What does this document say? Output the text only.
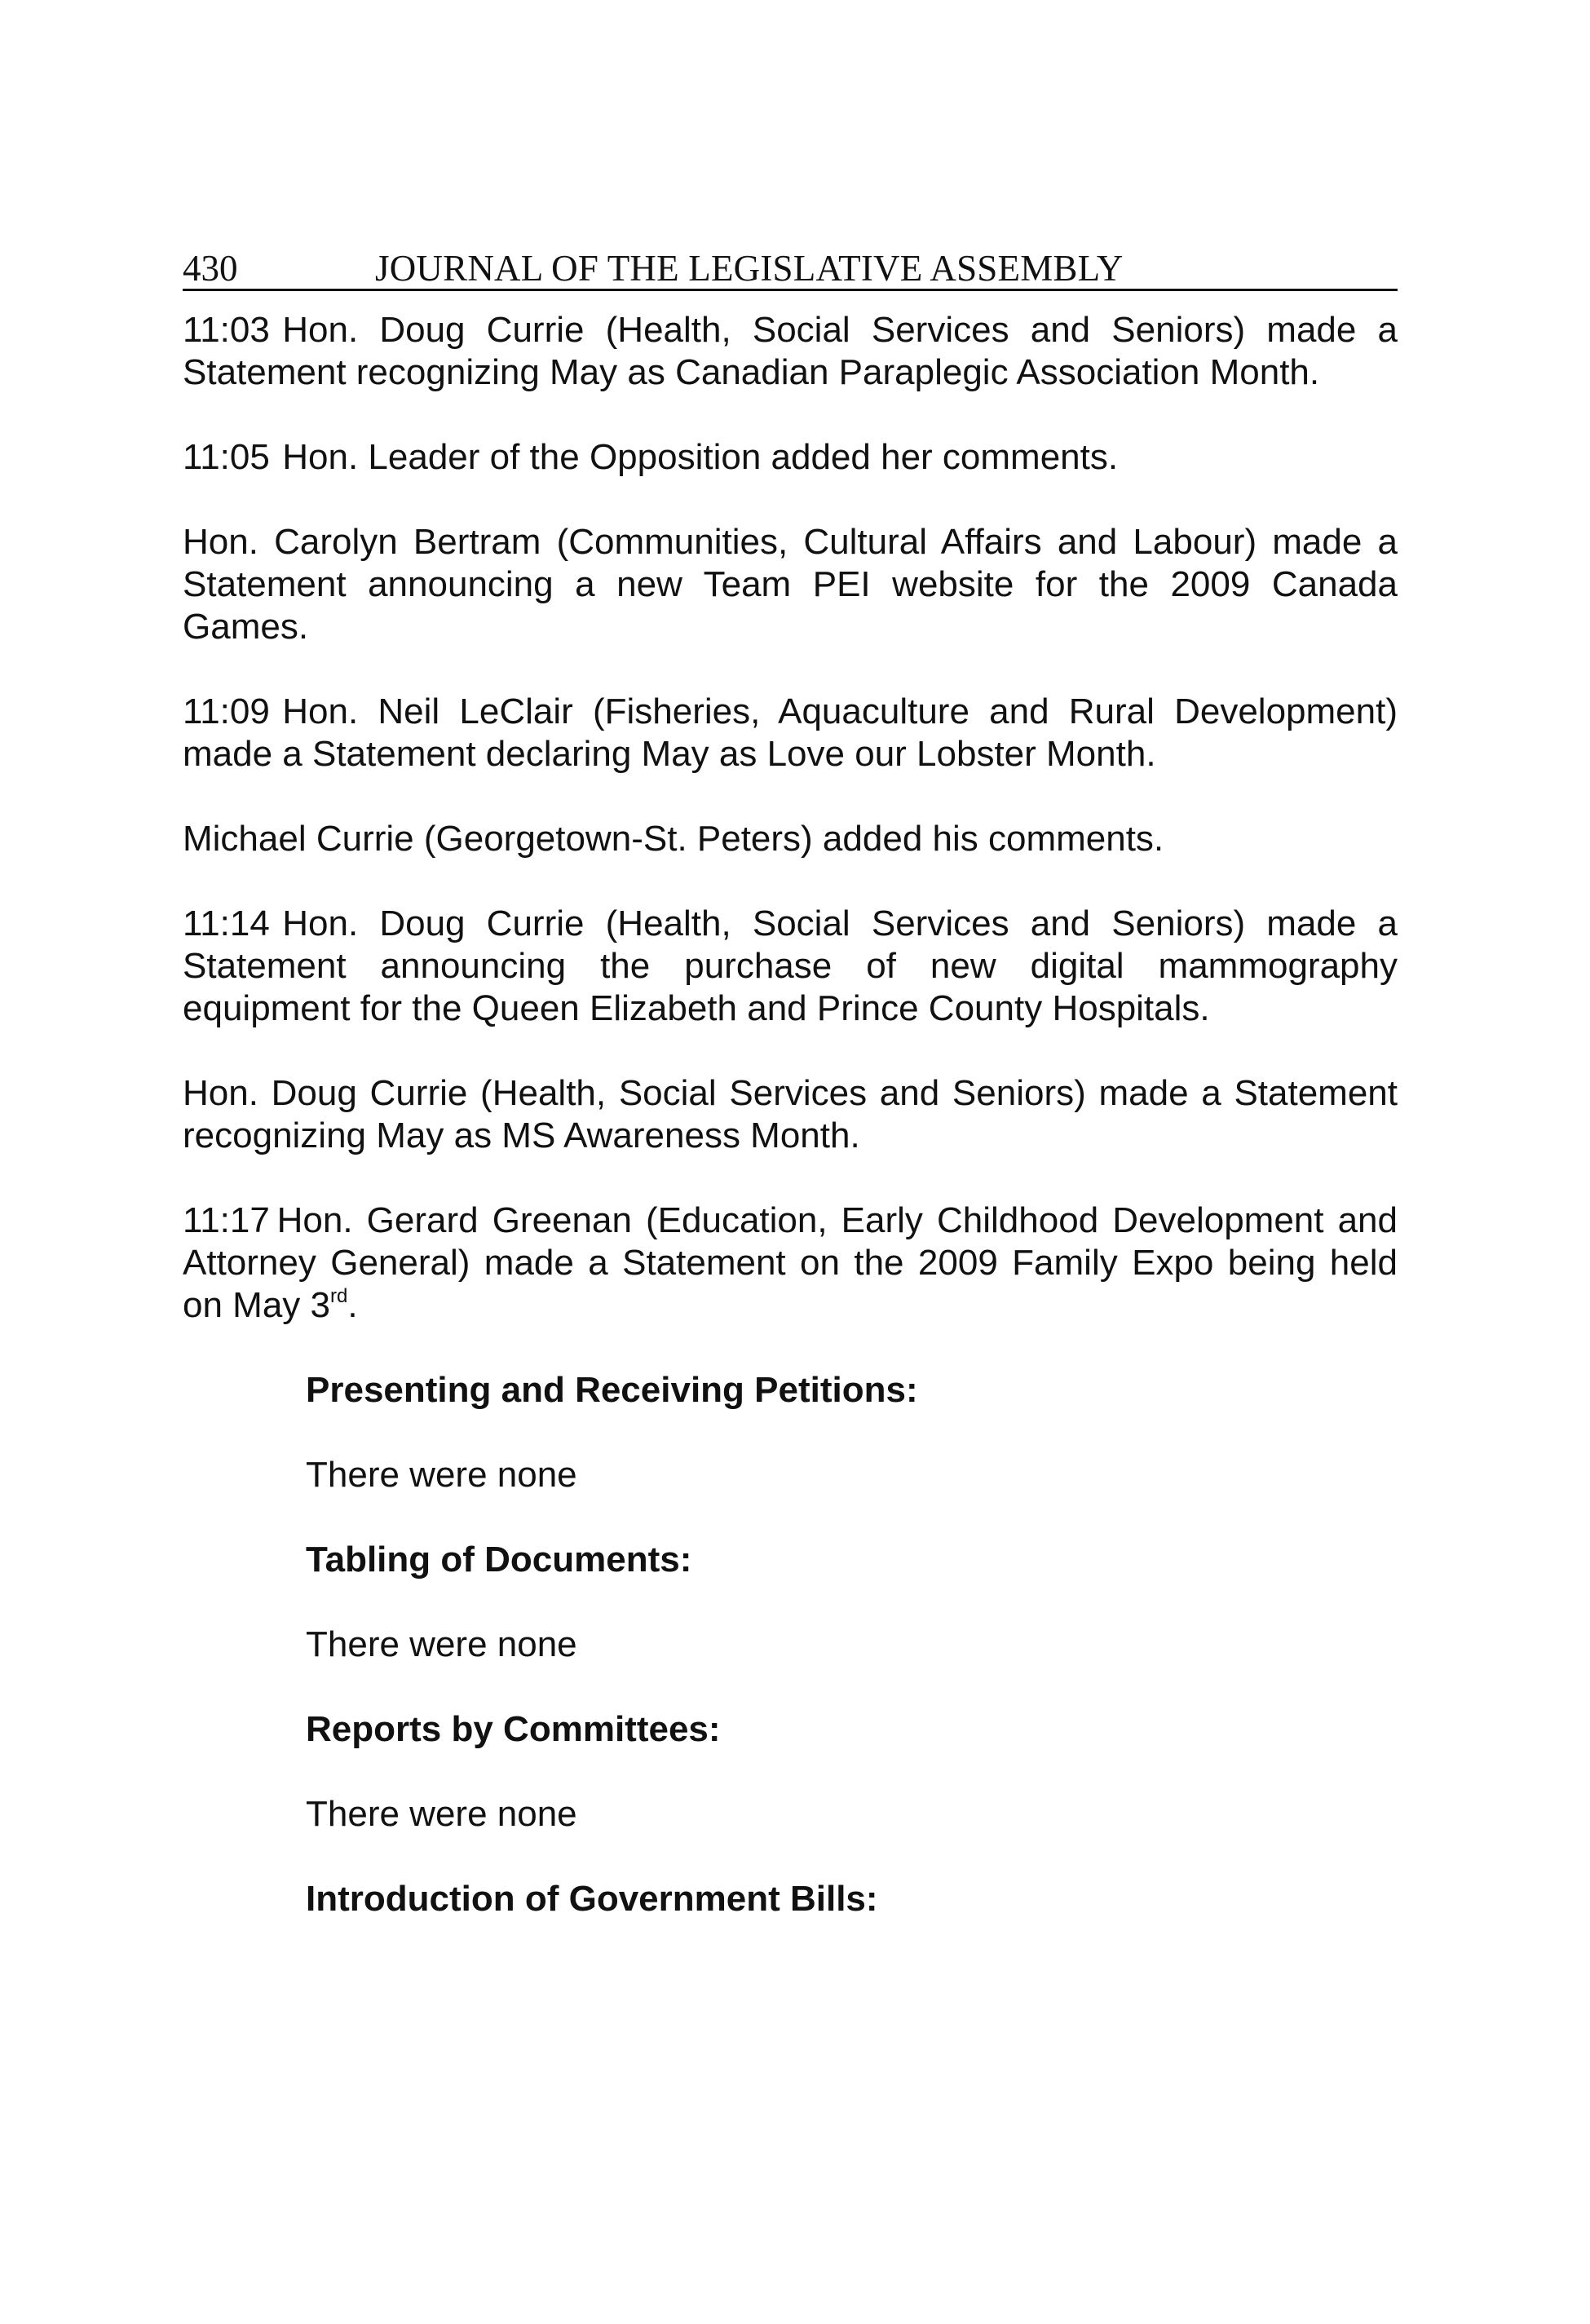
430	JOURNAL OF THE LEGISLATIVE ASSEMBLY

11:03 Hon. Doug Currie (Health, Social Services and Seniors) made a Statement recognizing May as Canadian Paraplegic Association Month.

11:05 Hon. Leader of the Opposition added her comments.

Hon. Carolyn Bertram (Communities, Cultural Affairs and Labour) made a Statement announcing a new Team PEI website for the 2009 Canada Games.

11:09 Hon. Neil LeClair (Fisheries, Aquaculture and Rural Development) made a Statement declaring May as Love our Lobster Month.

Michael Currie (Georgetown-St. Peters) added his comments.

11:14 Hon. Doug Currie (Health, Social Services and Seniors) made a Statement announcing the purchase of new digital mammography equipment for the Queen Elizabeth and Prince County Hospitals.

Hon. Doug Currie (Health, Social Services and Seniors) made a Statement recognizing May as MS Awareness Month.

11:17 Hon. Gerard Greenan (Education, Early Childhood Development and Attorney General) made a Statement on the 2009 Family Expo being held on May 3rd.

Presenting and Receiving Petitions:

There were none

Tabling of Documents:

There were none

Reports by Committees:

There were none

Introduction of Government Bills:
